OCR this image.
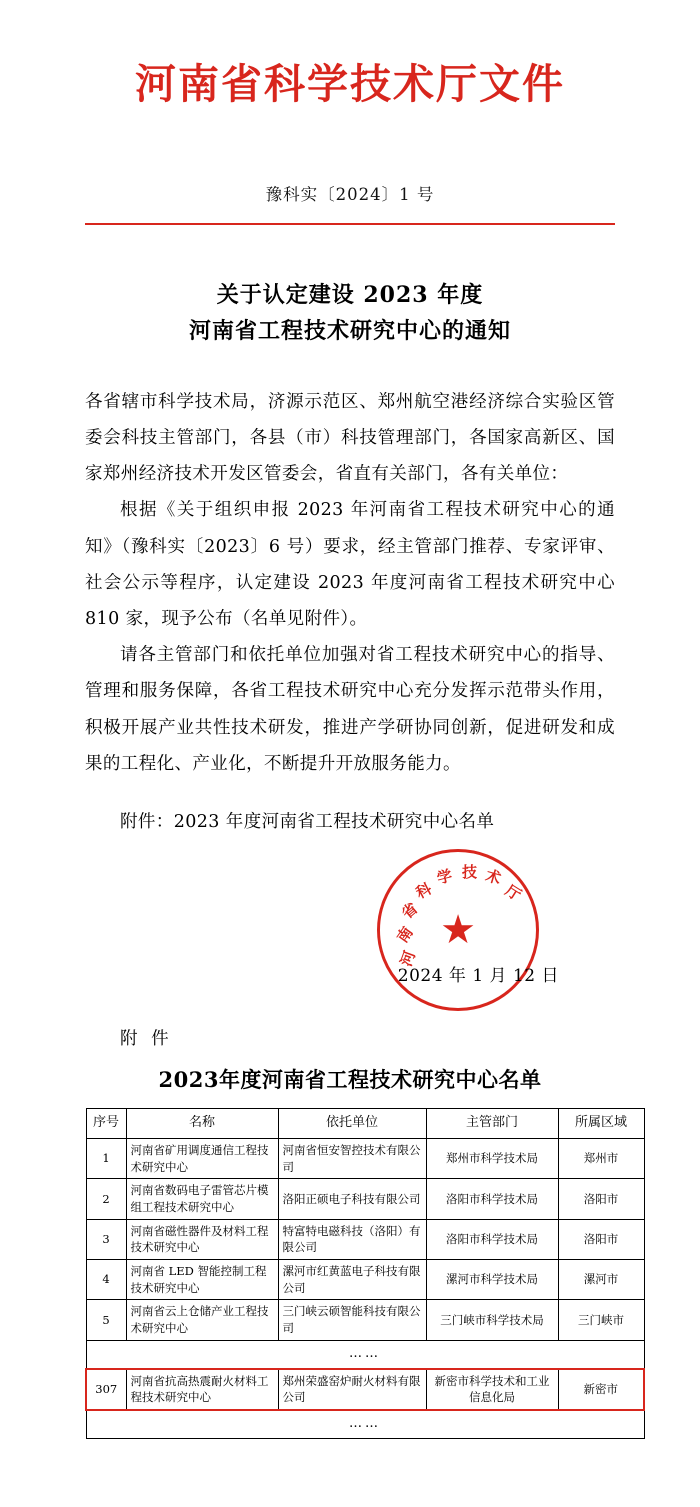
河南省科学技术厅文件
豫科实〔2024〕1 号
关于认定建设 2023 年度
河南省工程技术研究中心的通知

各省辖市科学技术局，济源示范区、郑州航空港经济综合实验区管委会科技主管部门，各县（市）科技管理部门，各国家高新区、国家郑州经济技术开发区管委会，省直有关部门，各有关单位：

根据《关于组织申报 2023 年河南省工程技术研究中心的通知》（豫科实〔2023〕6 号）要求，经主管部门推荐、专家评审、社会公示等程序，认定建设 2023 年度河南省工程技术研究中心 810 家，现予公布（名单见附件）。

请各主管部门和依托单位加强对省工程技术研究中心的指导、管理和服务保障，各省工程技术研究中心充分发挥示范带头作用，积极开展产业共性技术研发，推进产学研协同创新，促进研发和成果的工程化、产业化，不断提升开放服务能力。

附件：2023 年度河南省工程技术研究中心名单
★
河
南
省
科
学 技 术
厅
2024 年 1 月 12 日
附 件
2023年度河南省工程技术研究中心名单
序号	名称	依托单位	主管部门	所属区域
1	河南省矿用调度通信工程技术研究中心	河南省恒安智控技术有限公司	郑州市科学技术局	郑州市
2	河南省数码电子雷管芯片模组工程技术研究中心	洛阳正硕电子科技有限公司	洛阳市科学技术局	洛阳市
3	河南省磁性器件及材料工程技术研究中心	特富特电磁科技（洛阳）有限公司	洛阳市科学技术局	洛阳市
4	河南省 LED 智能控制工程技术研究中心	漯河市红黄蓝电子科技有限公司	漯河市科学技术局	漯河市
5	河南省云上仓储产业工程技术研究中心	三门峡云硕智能科技有限公司	三门峡市科学技术局	三门峡市
……				
307	河南省抗高热震耐火材料工程技术研究中心	郑州荣盛窑炉耐火材料有限公司	新密市科学技术和工业信息化局	新密市
……				
